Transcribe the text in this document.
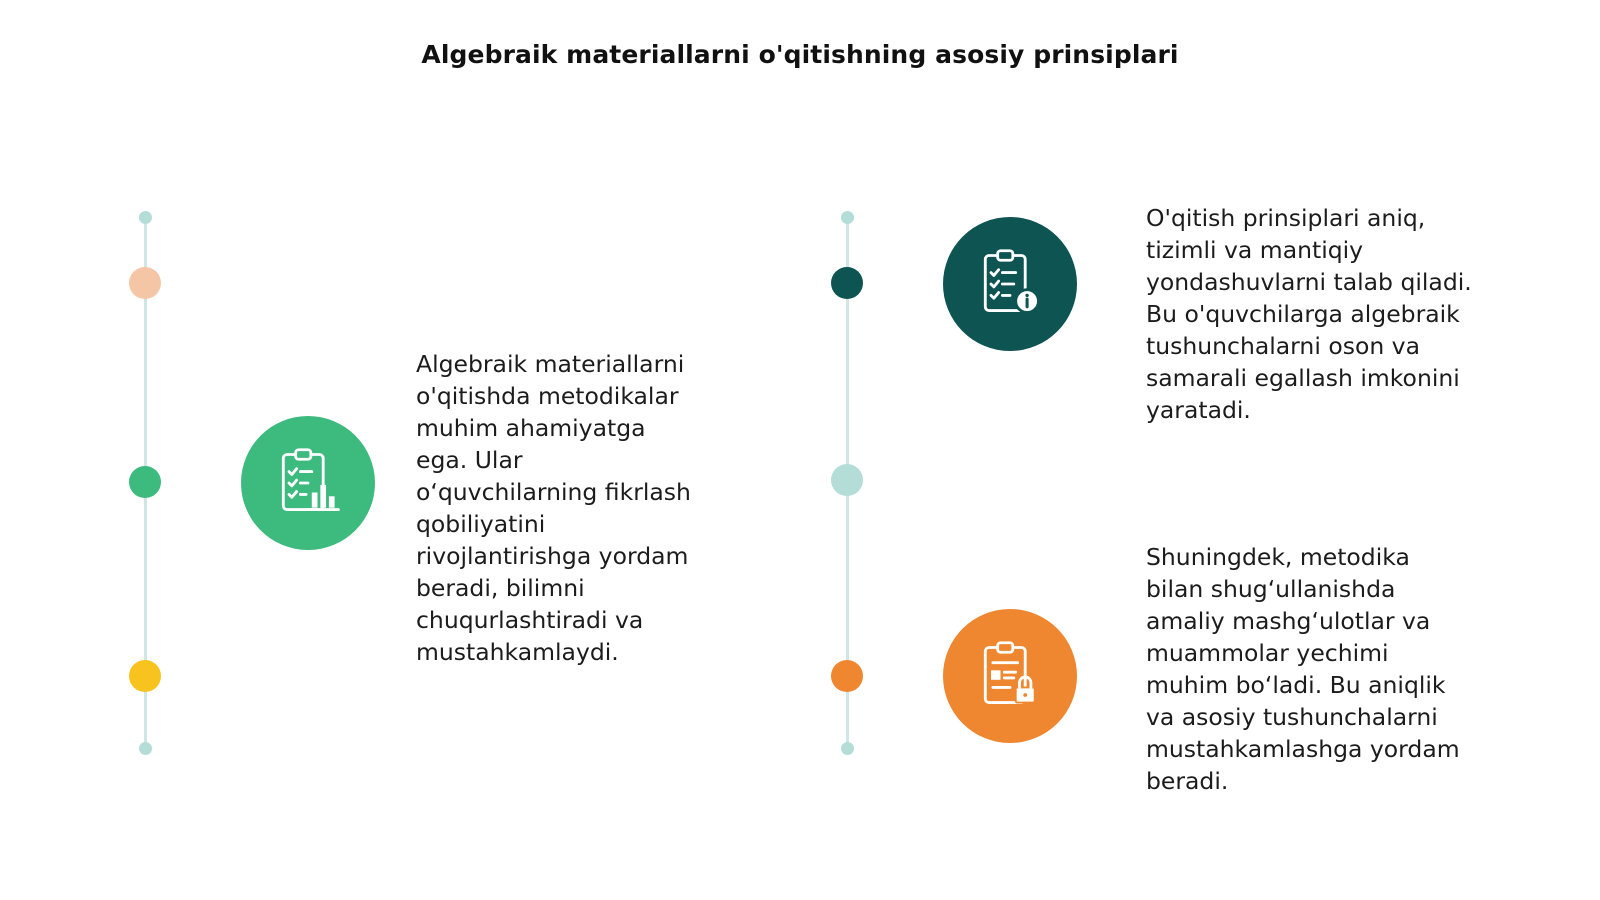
Algebraik materiallarni o'qitishning asosiy prinsiplari
Algebraik materiallarni
o'qitishda metodikalar
muhim ahamiyatga
ega. Ular
o‘quvchilarning fikrlash
qobiliyatini
rivojlantirishga yordam
beradi, bilimni
chuqurlashtiradi va
mustahkamlaydi.
O'qitish prinsiplari aniq,
tizimli va mantiqiy
yondashuvlarni talab qiladi.
Bu o'quvchilarga algebraik
tushunchalarni oson va
samarali egallash imkonini
yaratadi.
Shuningdek, metodika
bilan shug‘ullanishda
amaliy mashg‘ulotlar va
muammolar yechimi
muhim bo‘ladi. Bu aniqlik
va asosiy tushunchalarni
mustahkamlashga yordam
beradi.
